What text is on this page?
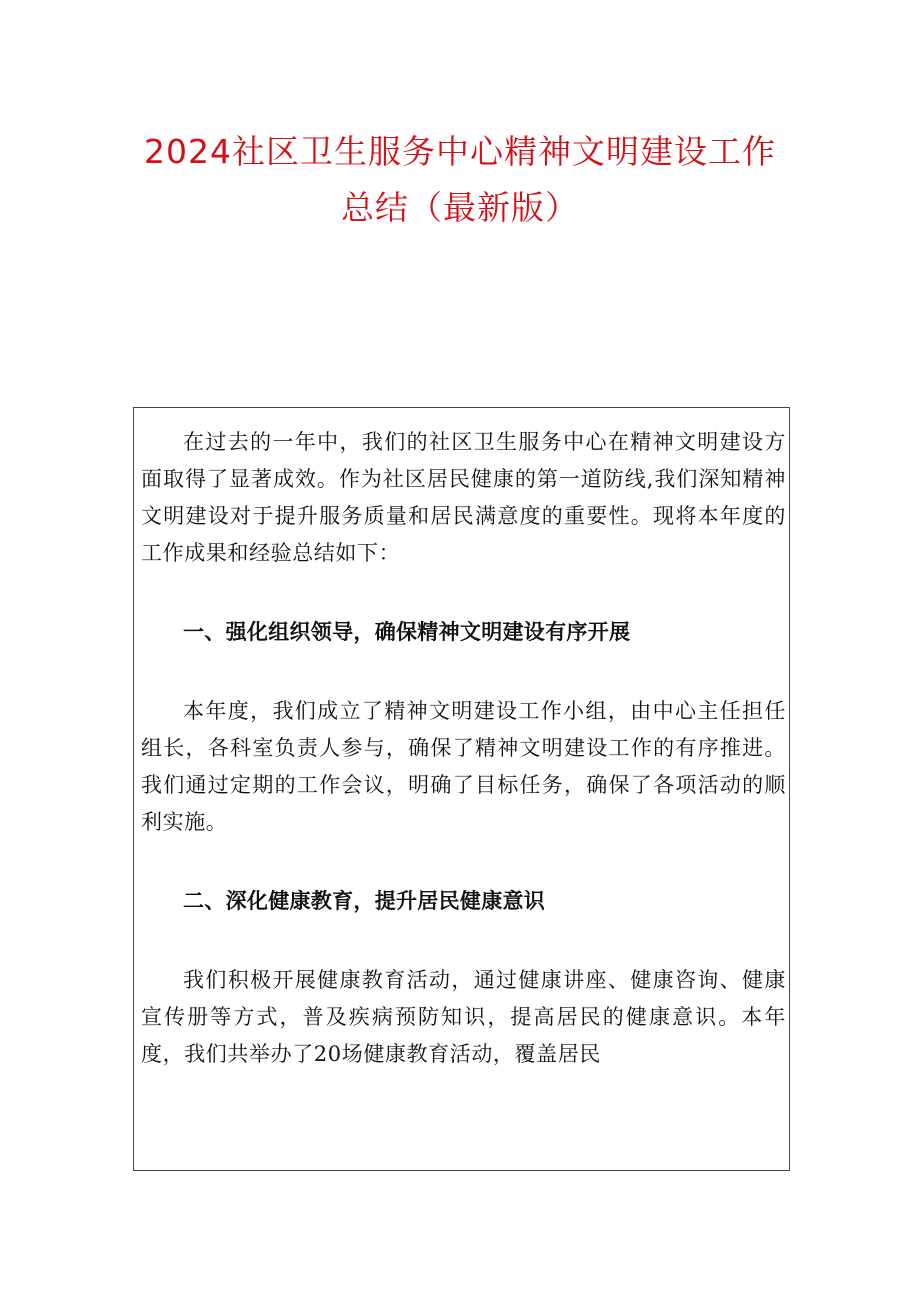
2024社区卫生服务中心精神文明建设工作
总结（最新版）

在过去的一年中，我们的社区卫生服务中心在精神文明建设方面取得了显著成效。作为社区居民健康的第一道防线,我们深知精神文明建设对于提升服务质量和居民满意度的重要性。现将本年度的工作成果和经验总结如下：

一、强化组织领导，确保精神文明建设有序开展

本年度，我们成立了精神文明建设工作小组，由中心主任担任组长，各科室负责人参与，确保了精神文明建设工作的有序推进。我们通过定期的工作会议，明确了目标任务，确保了各项活动的顺利实施。

二、深化健康教育，提升居民健康意识

我们积极开展健康教育活动，通过健康讲座、健康咨询、健康宣传册等方式，普及疾病预防知识，提高居民的健康意识。本年度，我们共举办了20场健康教育活动，覆盖居民
